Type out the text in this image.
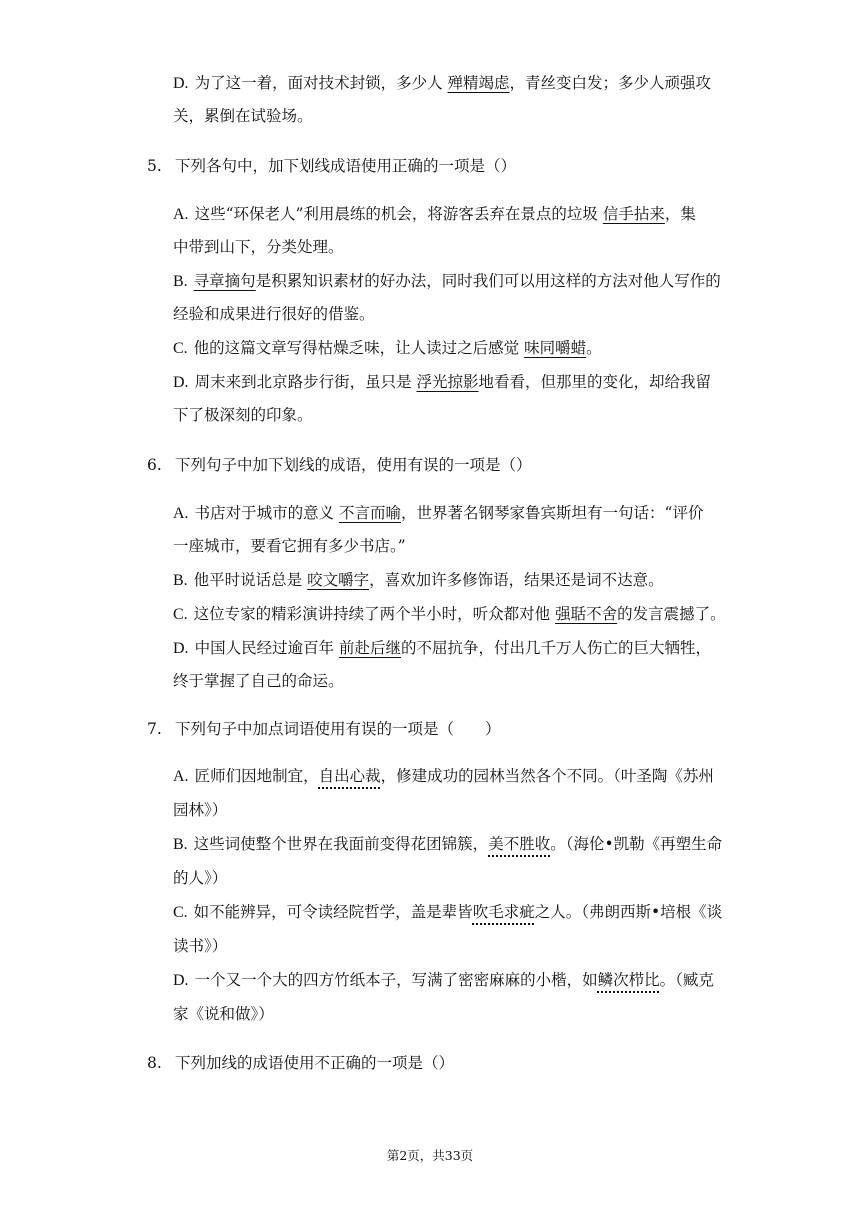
D. 为了这一着，面对技术封锁，多少人 殚精竭虑，青丝变白发；多少人顽强攻
关，累倒在试验场。
5. 下列各句中，加下划线成语使用正确的一项是（）
A. 这些“环保老人”利用晨练的机会，将游客丢弃在景点的垃圾 信手拈来，集
中带到山下，分类处理。
B. 寻章摘句是积累知识素材的好办法，同时我们可以用这样的方法对他人写作的
经验和成果进行很好的借鉴。
C. 他的这篇文章写得枯燥乏味，让人读过之后感觉 味同嚼蜡。
D. 周末来到北京路步行街，虽只是 浮光掠影地看看，但那里的变化，却给我留
下了极深刻的印象。
6. 下列句子中加下划线的成语，使用有误的一项是（）
A. 书店对于城市的意义 不言而喻，世界著名钢琴家鲁宾斯坦有一句话：“评价
一座城市，要看它拥有多少书店。”
B. 他平时说话总是 咬文嚼字，喜欢加许多修饰语，结果还是词不达意。
C. 这位专家的精彩演讲持续了两个半小时，听众都对他 强聒不舍的发言震撼了。
D. 中国人民经过逾百年 前赴后继的不屈抗争，付出几千万人伤亡的巨大牺牲，
终于掌握了自己的命运。
7. 下列句子中加点词语使用有误的一项是（　　）
A. 匠师们因地制宜，自出心裁，修建成功的园林当然各个不同。（叶圣陶《苏州
园林》）
B. 这些词使整个世界在我面前变得花团锦簇，美不胜收。（海伦•凯勒《再塑生命
的人》）
C. 如不能辨异，可令读经院哲学，盖是辈皆吹毛求疵之人。（弗朗西斯•培根《谈
读书》）
D. 一个又一个大的四方竹纸本子，写满了密密麻麻的小楷，如鳞次栉比。（臧克
家《说和做》）
8. 下列加线的成语使用不正确的一项是（）
第2页，共33页
